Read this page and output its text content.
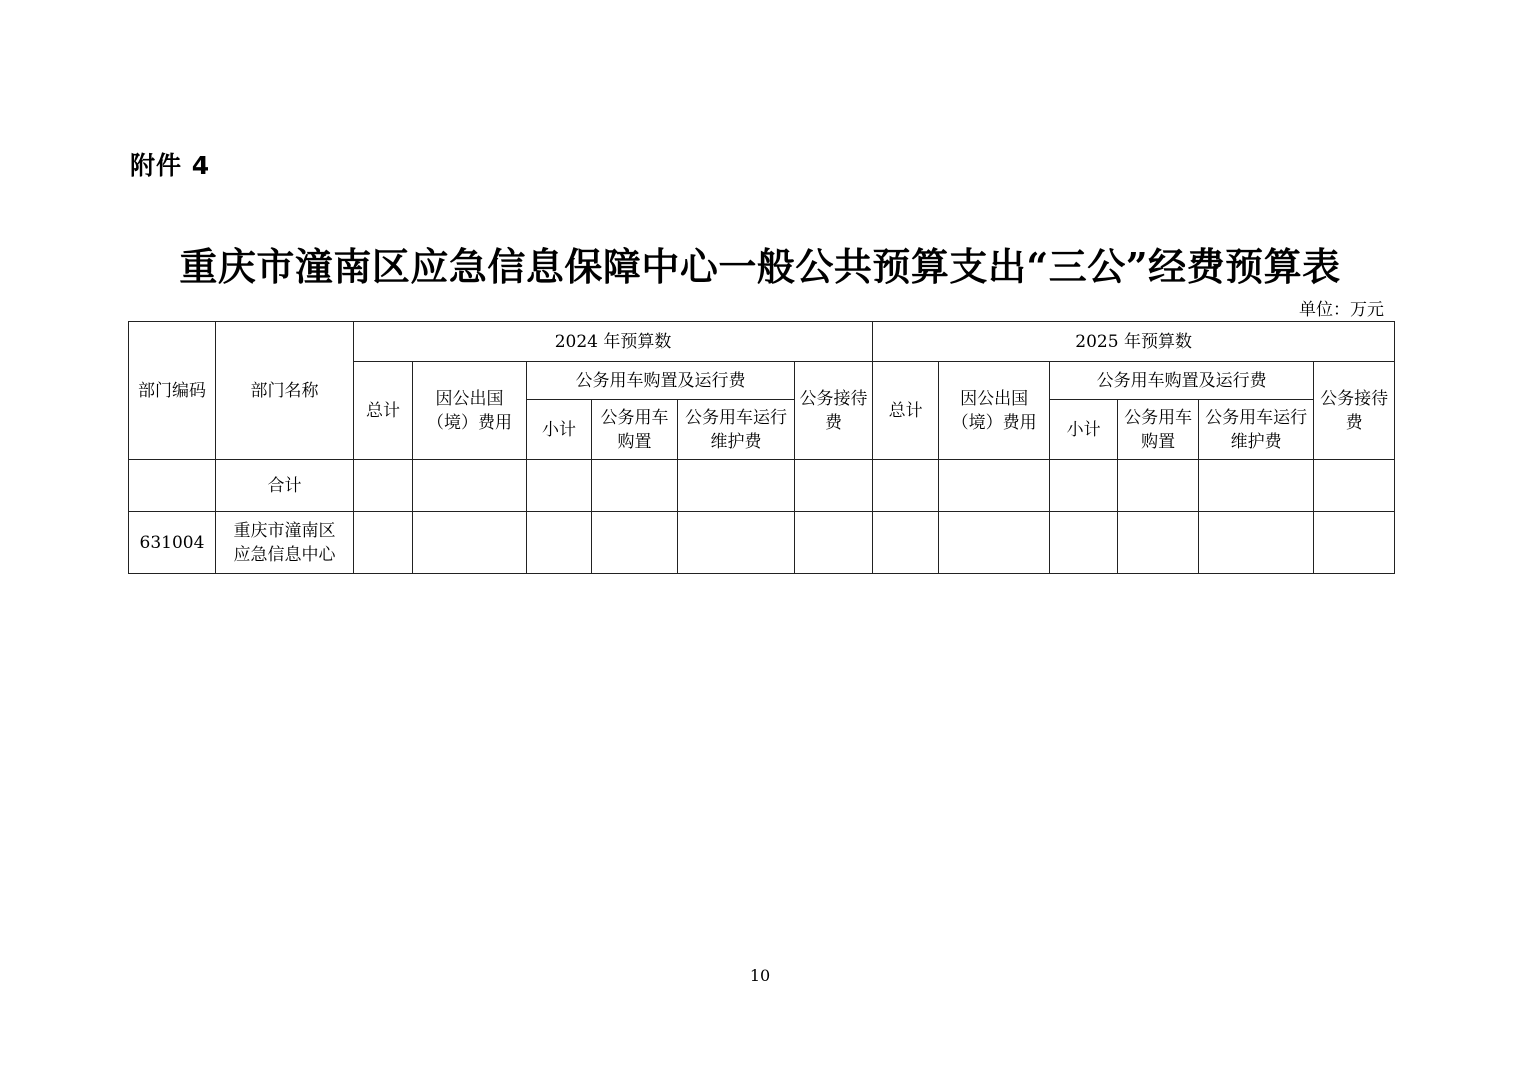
附件 4
重庆市潼南区应急信息保障中心一般公共预算支出“三公”经费预算表
单位：万元
部门编码	部门名称	2024 年预算数						2025 年预算数					
		总计	因公出国（境）费用	公务用车购置及运行费			公务接待费	总计	因公出国（境）费用	公务用车购置及运行费			公务接待费
				小计	公务用车购置	公务用车运行维护费				小计	公务用车购置	公务用车运行维护费	
	合计												
631004	重庆市潼南区应急信息中心												
10
